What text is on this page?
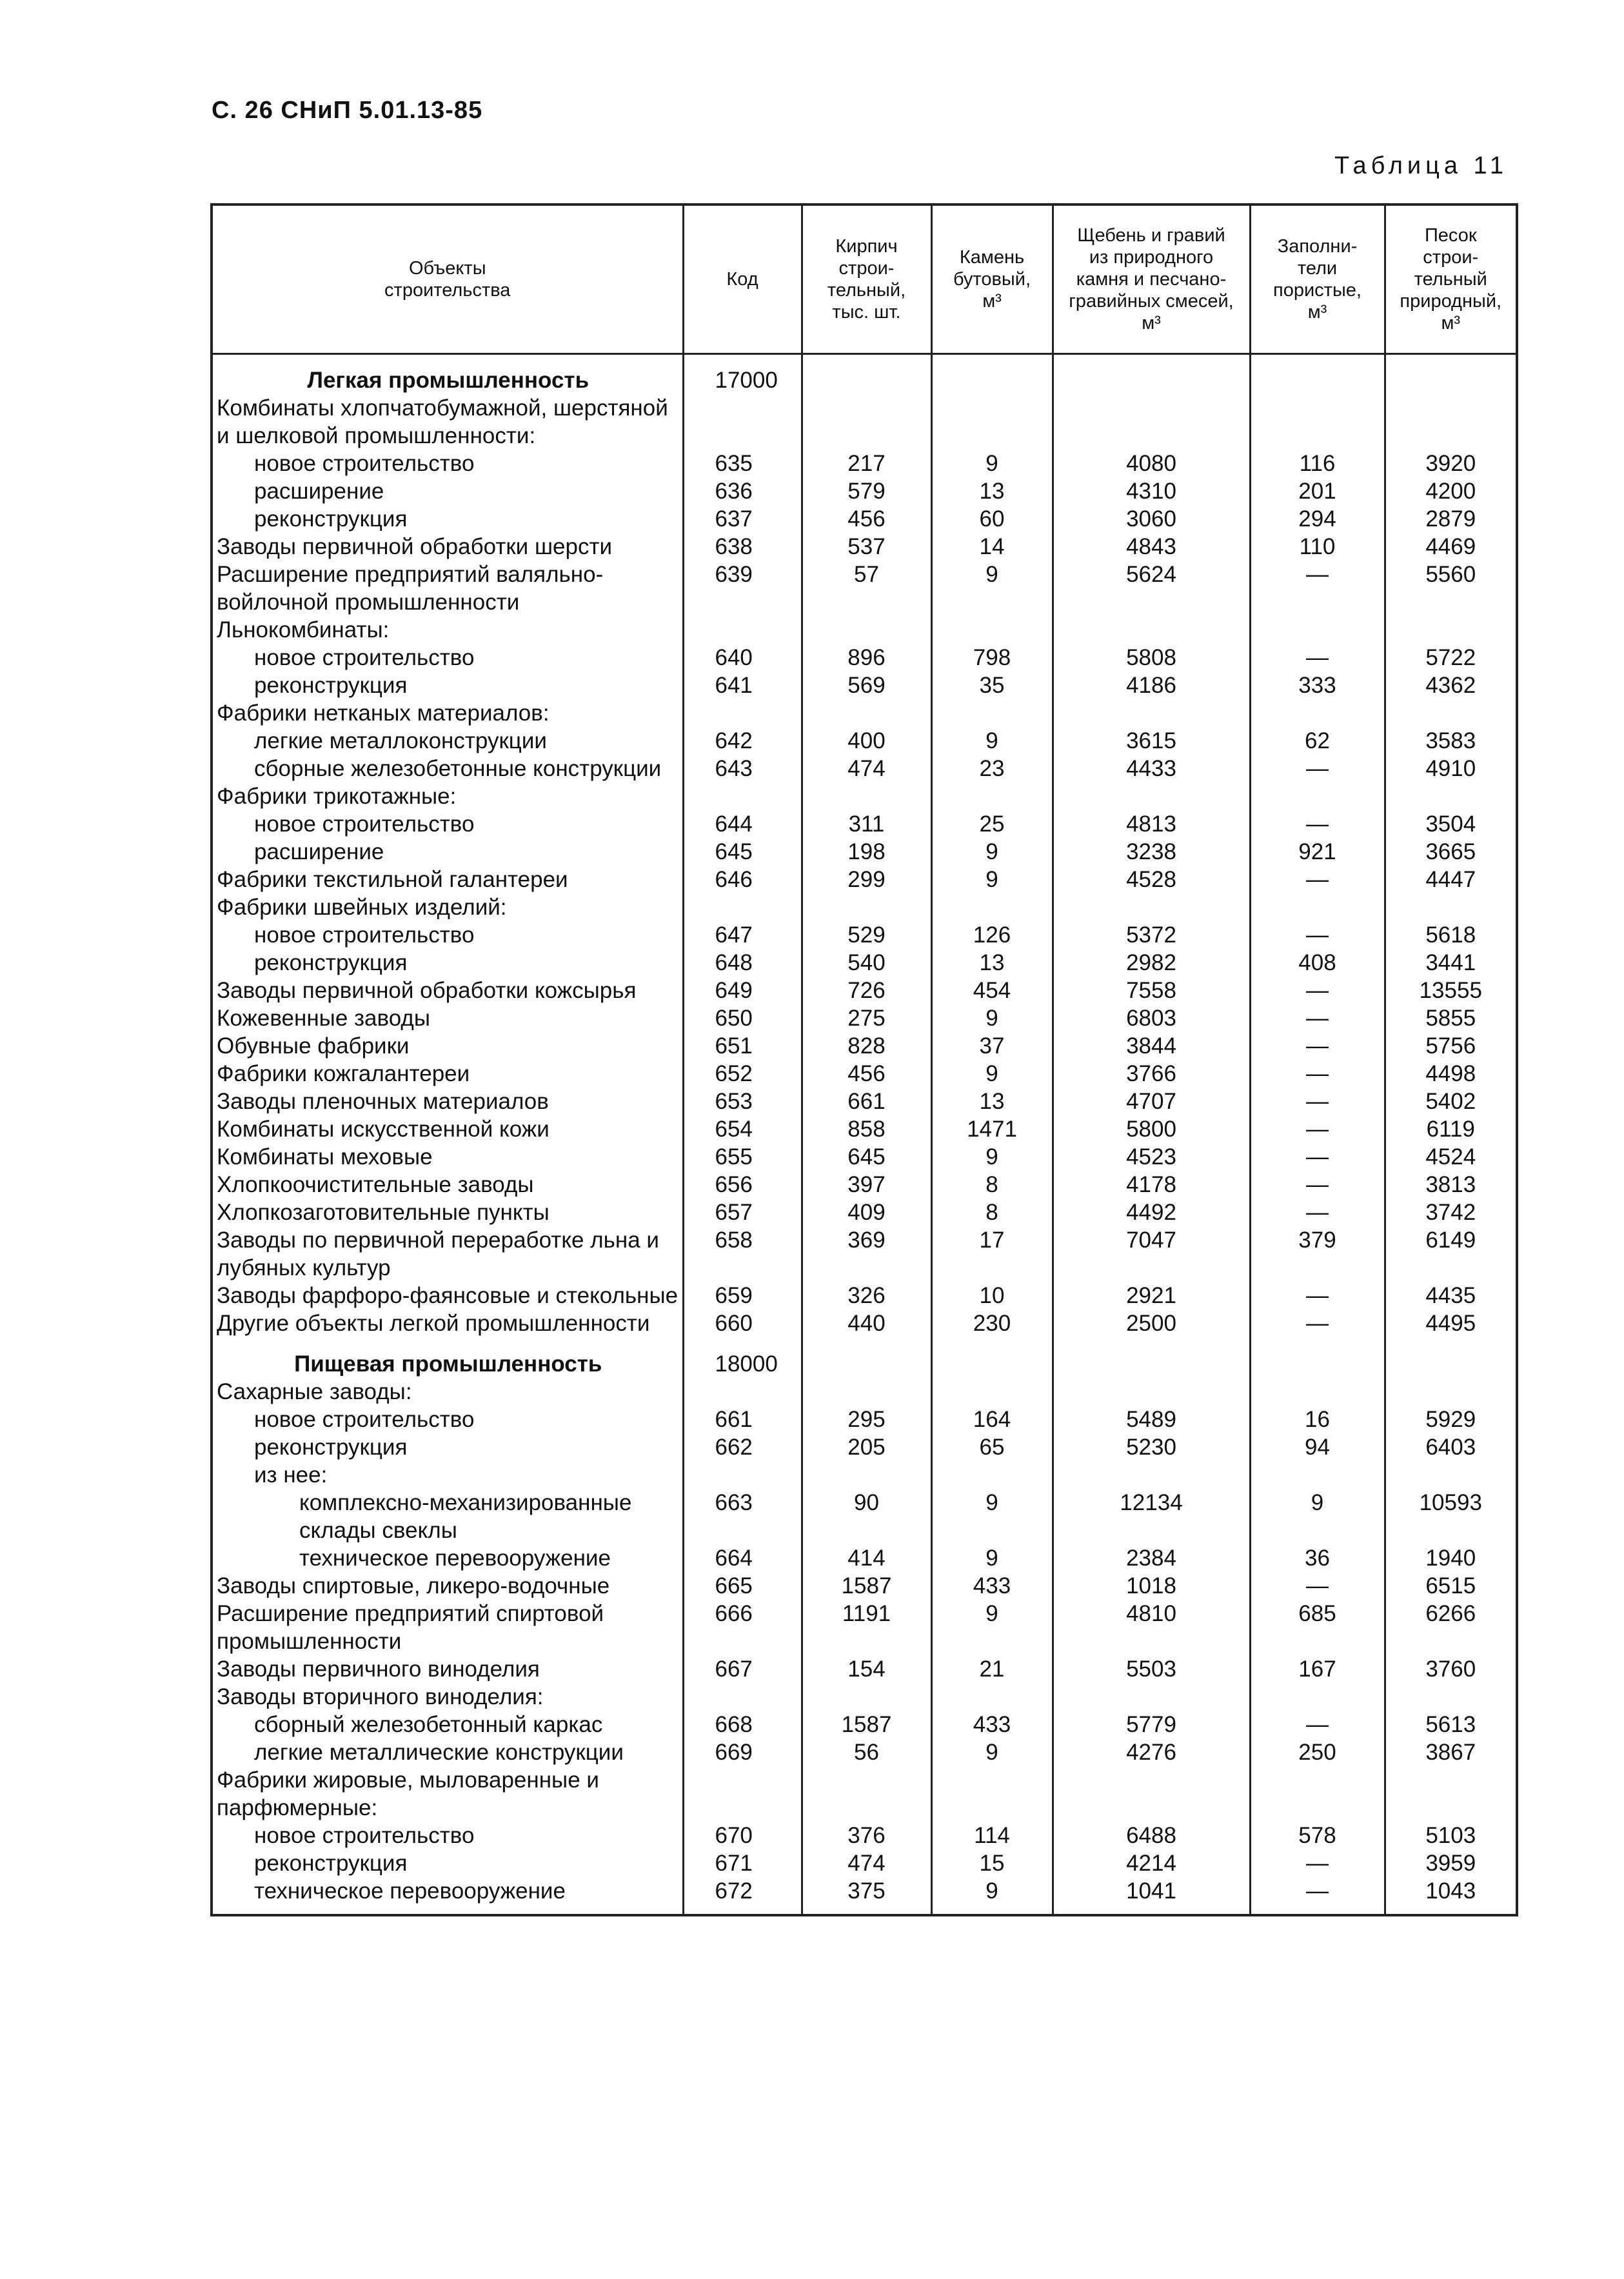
С. 26 СНиП 5.01.13-85
Таблица 11
Объекты
строительства	Код	Кирпич
строи-
тельный,
тыс. шт.	Камень
бутовый,
м³	Щебень и гравий
из природного
камня и песчано-
гравийных смесей,
м³	Заполни-
тели
пористые,
м³	Песок
строи-
тельный
природный,
м³

Легкая промышленность	17000					
Комбинаты хлопчатобумажной, шерстяной и шелковой промышленности:						
новое строительство	635	217	9	4080	116	3920
расширение	636	579	13	4310	201	4200
реконструкция	637	456	60	3060	294	2879
Заводы первичной обработки шерсти	638	537	14	4843	110	4469
Расширение предприятий валяльно-войлочной промышленности	639	57	9	5624	—	5560
Льнокомбинаты:						
новое строительство	640	896	798	5808	—	5722
реконструкция	641	569	35	4186	333	4362
Фабрики нетканых материалов:						
легкие металлоконструкции	642	400	9	3615	62	3583
сборные железобетонные конструкции	643	474	23	4433	—	4910
Фабрики трикотажные:						
новое строительство	644	311	25	4813	—	3504
расширение	645	198	9	3238	921	3665
Фабрики текстильной галантереи	646	299	9	4528	—	4447
Фабрики швейных изделий:						
новое строительство	647	529	126	5372	—	5618
реконструкция	648	540	13	2982	408	3441
Заводы первичной обработки кожсырья	649	726	454	7558	—	13555
Кожевенные заводы	650	275	9	6803	—	5855
Обувные фабрики	651	828	37	3844	—	5756
Фабрики кожгалантереи	652	456	9	3766	—	4498
Заводы пленочных материалов	653	661	13	4707	—	5402
Комбинаты искусственной кожи	654	858	1471	5800	—	6119
Комбинаты меховые	655	645	9	4523	—	4524
Хлопкоочистительные заводы	656	397	8	4178	—	3813
Хлопкозаготовительные пункты	657	409	8	4492	—	3742
Заводы по первичной переработке льна и лубяных культур	658	369	17	7047	379	6149
Заводы фарфоро-фаянсовые и стекольные	659	326	10	2921	—	4435
Другие объекты легкой промышленности	660	440	230	2500	—	4495
Пищевая промышленность	18000					
Сахарные заводы:						
новое строительство	661	295	164	5489	16	5929
реконструкция	662	205	65	5230	94	6403
из нее:						
комплексно-механизированные склады свеклы	663	90	9	12134	9	10593
техническое перевооружение	664	414	9	2384	36	1940
Заводы спиртовые, ликеро-водочные	665	1587	433	1018	—	6515
Расширение предприятий спиртовой промышленности	666	1191	9	4810	685	6266
Заводы первичного виноделия	667	154	21	5503	167	3760
Заводы вторичного виноделия:						
сборный железобетонный каркас	668	1587	433	5779	—	5613
легкие металлические конструкции	669	56	9	4276	250	3867
Фабрики жировые, мыловаренные и парфюмерные:						
новое строительство	670	376	114	6488	578	5103
реконструкция	671	474	15	4214	—	3959
техническое перевооружение	672	375	9	1041	—	1043
